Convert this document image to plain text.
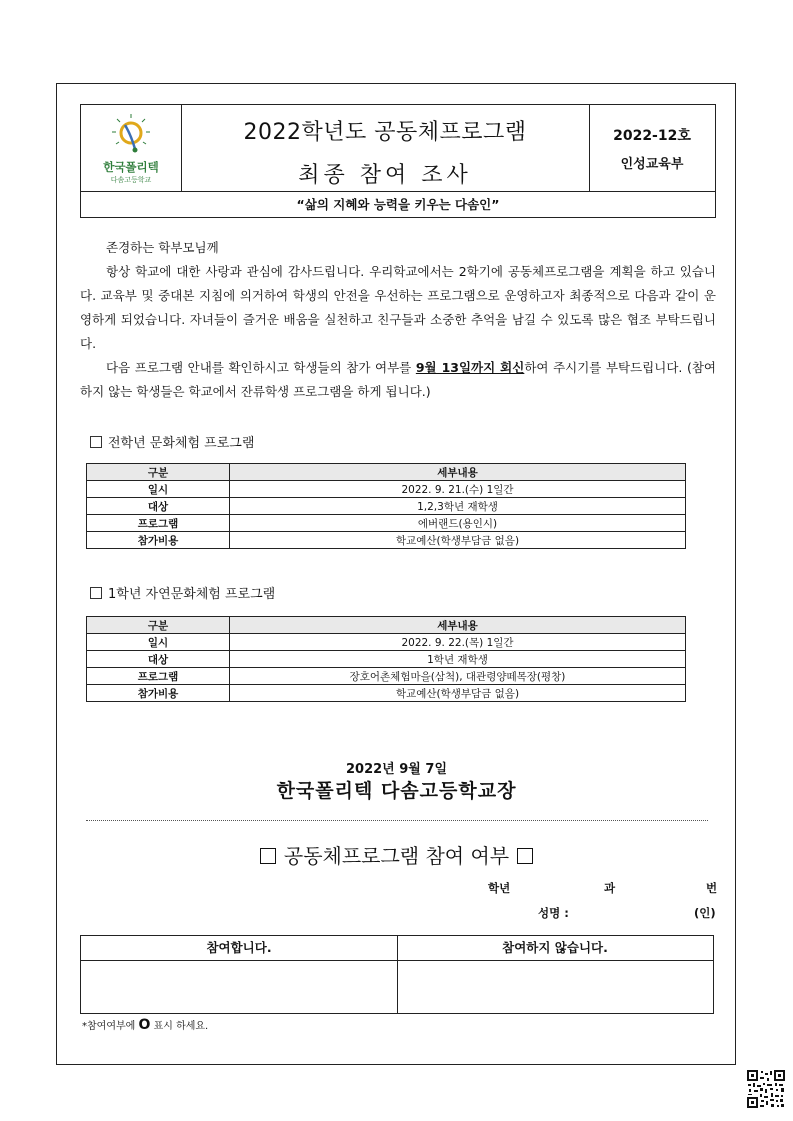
한국폴리텍
다솜고등학교
2022학년도 공동체프로그램
최종 참여 조사
2022-12호
인성교육부
“삶의 지혜와 능력을 키우는 다솜인”
존경하는 학부모님께
항상 학교에 대한 사랑과 관심에 감사드립니다. 우리학교에서는 2학기에 공동체프로그램을 계획을 하고 있습니다. 교육부 및 중대본 지침에 의거하여 학생의 안전을 우선하는 프로그램으로 운영하고자 최종적으로 다음과 같이 운영하게 되었습니다. 자녀들이 즐거운 배움을 실천하고 친구들과 소중한 추억을 남길 수 있도록 많은 협조 부탁드립니다.
다음 프로그램 안내를 확인하시고 학생들의 참가 여부를 9월 13일까지 회신하여 주시기를 부탁드립니다. (참여하지 않는 학생들은 학교에서 잔류학생 프로그램을 하게 됩니다.)
전학년 문화체험 프로그램
구분	세부내용
일시	2022. 9. 21.(수) 1일간
대상	1,2,3학년 재학생
프로그램	에버랜드(용인시)
참가비용	학교예산(학생부담금 없음)
1학년 자연문화체험 프로그램
구분	세부내용
일시	2022. 9. 22.(목) 1일간
대상	1학년 재학생
프로그램	장호어촌체험마을(삼척), 대관령양떼목장(평창)
참가비용	학교예산(학생부담금 없음)
2022년 9월 7일
한국폴리텍 다솜고등학교장
공동체프로그램 참여 여부
학년	과	번
성명 :	(인)
참여합니다.	참여하지 않습니다.
*참여여부에 O 표시 하세요.
